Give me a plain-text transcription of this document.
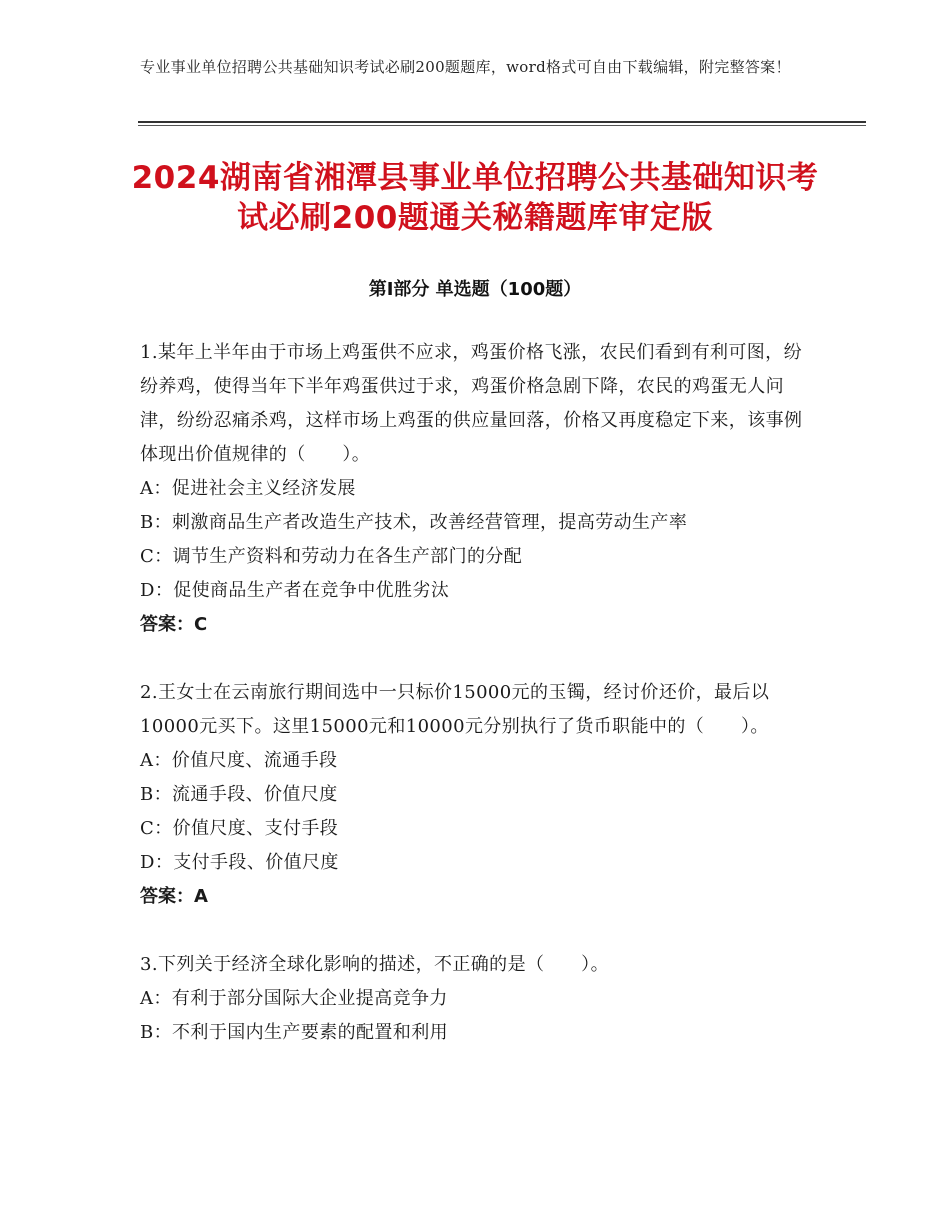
专业事业单位招聘公共基础知识考试必刷200题题库，word格式可自由下载编辑，附完整答案！
2024湖南省湘潭县事业单位招聘公共基础知识考试必刷200题通关秘籍题库审定版
第Ⅰ部分 单选题（100题）

1.某年上半年由于市场上鸡蛋供不应求，鸡蛋价格飞涨，农民们看到有利可图，纷纷养鸡，使得当年下半年鸡蛋供过于求，鸡蛋价格急剧下降，农民的鸡蛋无人问津，纷纷忍痛杀鸡，这样市场上鸡蛋的供应量回落，价格又再度稳定下来，该事例体现出价值规律的（　　）。

A：促进社会主义经济发展

B：刺激商品生产者改造生产技术，改善经营管理，提高劳动生产率

C：调节生产资料和劳动力在各生产部门的分配

D：促使商品生产者在竞争中优胜劣汰

答案：C

2.王女士在云南旅行期间选中一只标价15000元的玉镯，经讨价还价，最后以10000元买下。这里15000元和10000元分别执行了货币职能中的（　　）。

A：价值尺度、流通手段

B：流通手段、价值尺度

C：价值尺度、支付手段

D：支付手段、价值尺度

答案：A

3.下列关于经济全球化影响的描述，不正确的是（　　）。

A：有利于部分国际大企业提高竞争力

B：不利于国内生产要素的配置和利用
